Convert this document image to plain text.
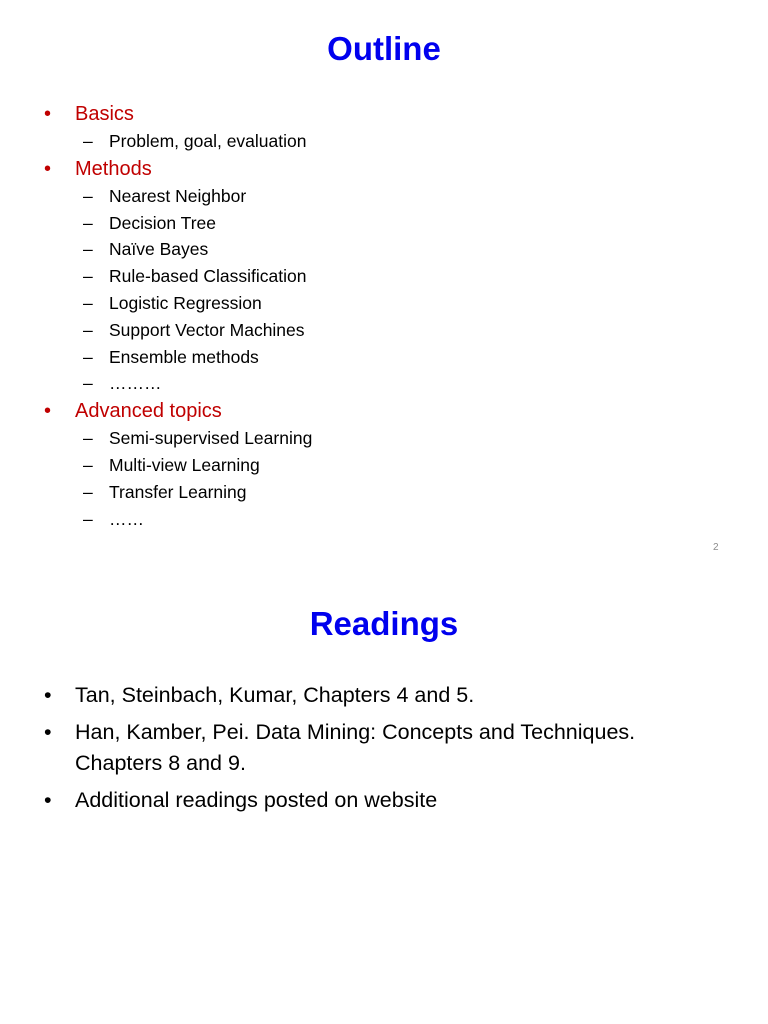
Outline
• Basics
– Problem, goal, evaluation
• Methods
– Nearest Neighbor
– Decision Tree
– Naïve Bayes
– Rule-based Classification
– Logistic Regression
– Support Vector Machines
– Ensemble methods
– ………
• Advanced topics
– Semi-supervised Learning
– Multi-view Learning
– Transfer Learning
– ……
2
Readings
• Tan, Steinbach, Kumar, Chapters 4 and 5.
• Han, Kamber, Pei. Data Mining: Concepts and Techniques. Chapters 8 and 9.
• Additional readings posted on website
